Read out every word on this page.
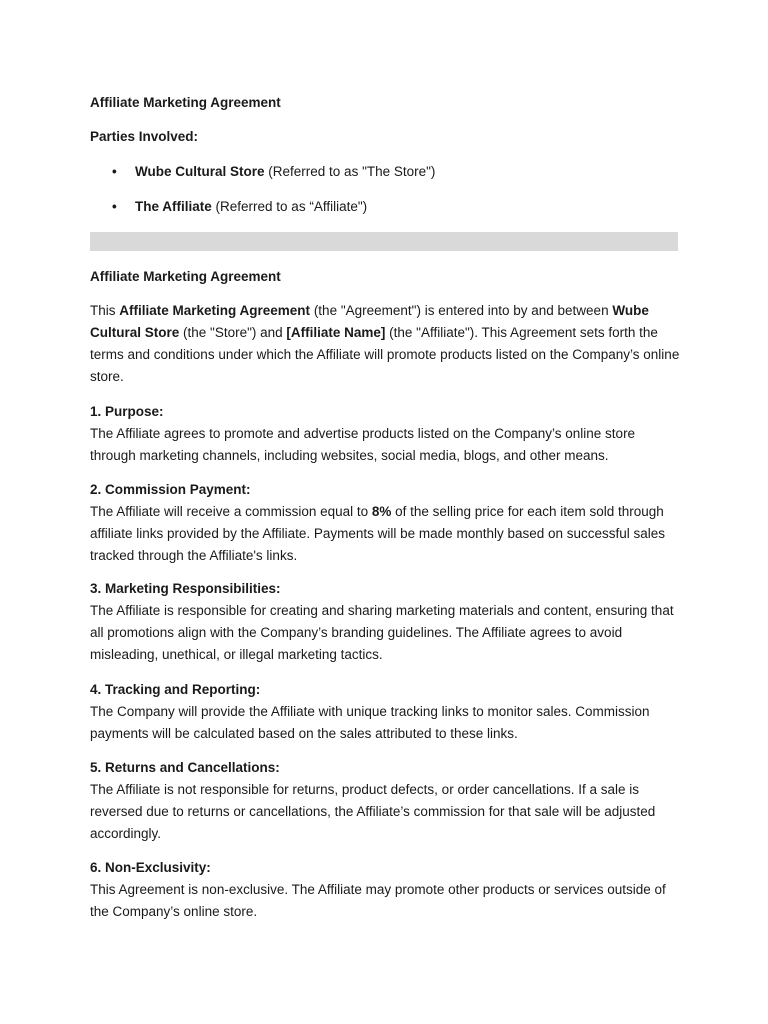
Affiliate Marketing Agreement
Parties Involved:
• Wube Cultural Store (Referred to as "The Store")
• The Affiliate (Referred to as “Affiliate")
Affiliate Marketing Agreement
This Affiliate Marketing Agreement (the "Agreement") is entered into by and between Wube Cultural Store (the "Store") and [Affiliate Name] (the "Affiliate"). This Agreement sets forth the terms and conditions under which the Affiliate will promote products listed on the Company’s online store.
1. Purpose:

The Affiliate agrees to promote and advertise products listed on the Company’s online store through marketing channels, including websites, social media, blogs, and other means.

2. Commission Payment:

The Affiliate will receive a commission equal to 8% of the selling price for each item sold through affiliate links provided by the Affiliate. Payments will be made monthly based on successful sales tracked through the Affiliate's links.

3. Marketing Responsibilities:

The Affiliate is responsible for creating and sharing marketing materials and content, ensuring that all promotions align with the Company’s branding guidelines. The Affiliate agrees to avoid misleading, unethical, or illegal marketing tactics.

4. Tracking and Reporting:

The Company will provide the Affiliate with unique tracking links to monitor sales. Commission payments will be calculated based on the sales attributed to these links.

5. Returns and Cancellations:

The Affiliate is not responsible for returns, product defects, or order cancellations. If a sale is reversed due to returns or cancellations, the Affiliate’s commission for that sale will be adjusted accordingly.

6. Non-Exclusivity:

This Agreement is non-exclusive. The Affiliate may promote other products or services outside of the Company’s online store.
